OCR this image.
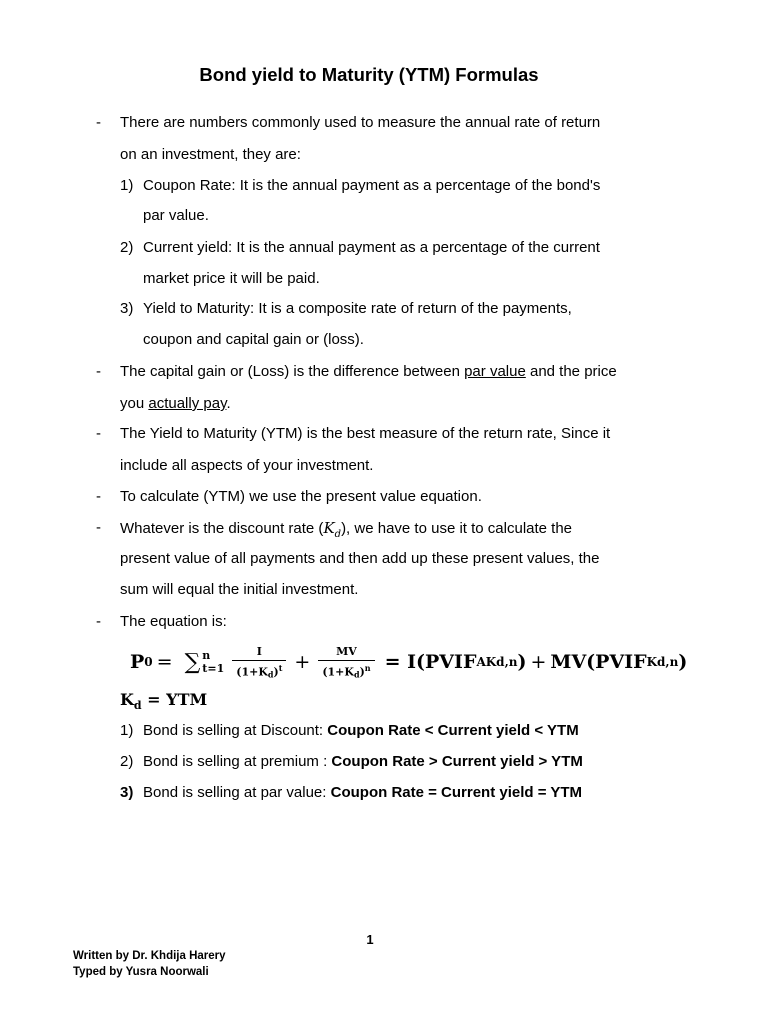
Bond yield to Maturity (YTM) Formulas
- There are numbers commonly used to measure the annual rate of return
on an investment, they are:
1) Coupon Rate: It is the annual payment as a percentage of the bond's
par value.
2) Current yield: It is the annual payment as a percentage of the current
market price it will be paid.
3) Yield to Maturity: It is a composite rate of return of the payments,
coupon and capital gain or (loss).
- The capital gain or (Loss) is the difference between par value and the price
you actually pay.
- The Yield to Maturity (YTM) is the best measure of the return rate, Since it
include all aspects of your investment.
- To calculate (YTM) we use the present value equation.
- Whatever is the discount rate $(K_d)$, we have to use it to calculate the
present value of all payments and then add up these present values, the
sum will equal the initial investment.
- The equation is:
P 0 = ∑ n
$t=1 \frac{I}{(1+K_d)^t} + \frac{MV}{(1+K_d)^n}$ = I(PVIF A Kd,n ) + MV(PVIF Kd,n )
$K_d$ = YTM
1) Bond is selling at Discount: Coupon Rate < Current yield < YTM
2) Bond is selling at premium : Coupon Rate > Current yield > YTM
3) Bond is selling at par value: Coupon Rate = Current yield = YTM
1
Written by Dr. Khdija Harery
Typed by Yusra Noorwali
